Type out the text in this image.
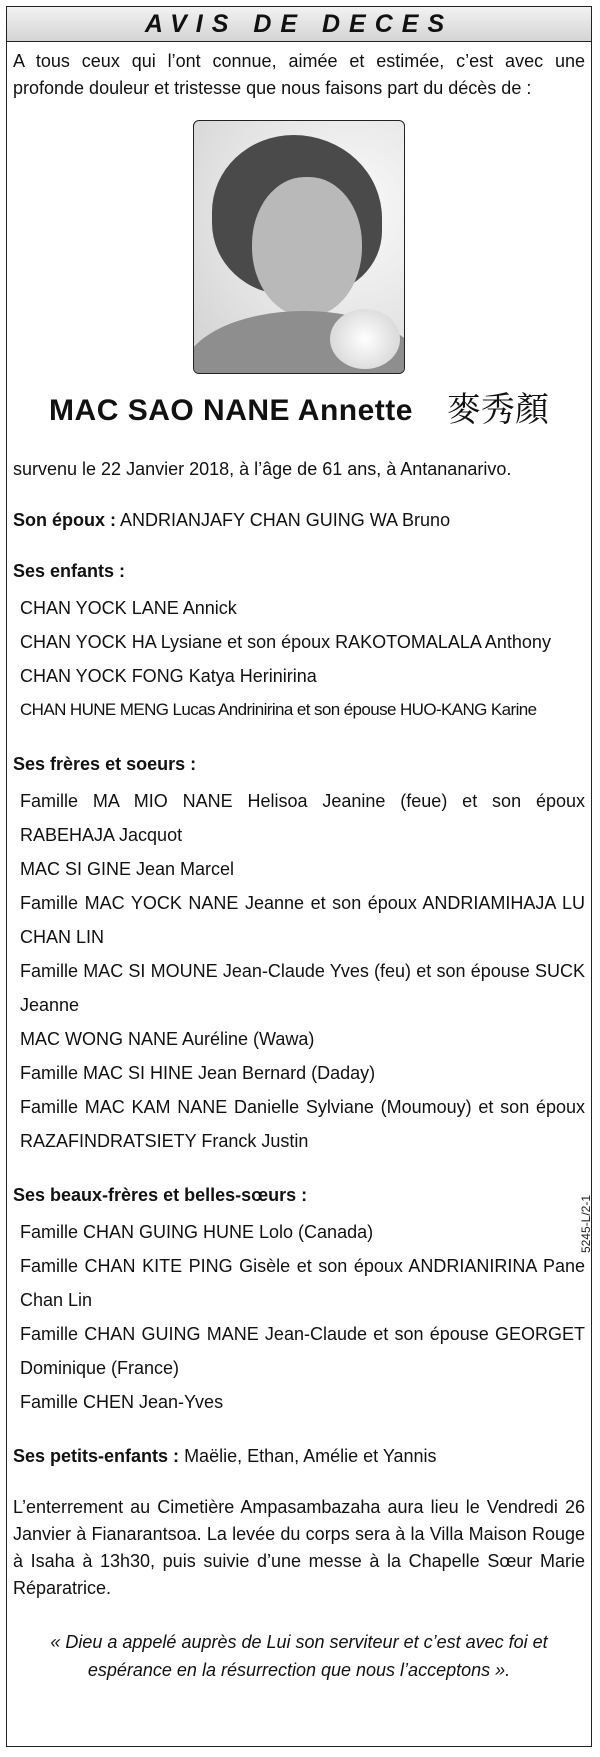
AVIS DE DECES

A tous ceux qui l’ont connue, aimée et estimée, c’est avec une profonde douleur et tristesse que nous faisons part du décès de :

MAC SAO NANE Annette 麥秀顏

survenu le 22 Janvier 2018, à l’âge de 61 ans, à Antananarivo.

Son époux : ANDRIANJAFY CHAN GUING WA Bruno

Ses enfants :

CHAN YOCK LANE Annick
CHAN YOCK HA Lysiane et son époux RAKOTOMALALA Anthony
CHAN YOCK FONG Katya Herinirina
CHAN HUNE MENG Lucas Andrinirina et son épouse HUO-KANG Karine

Ses frères et soeurs :

Famille MA MIO NANE Helisoa Jeanine (feue) et son époux RABEHAJA Jacquot
MAC SI GINE Jean Marcel
Famille MAC YOCK NANE Jeanne et son époux ANDRIAMIHAJA LU CHAN LIN
Famille MAC SI MOUNE Jean-Claude Yves (feu) et son épouse SUCK Jeanne
MAC WONG NANE Auréline (Wawa)
Famille MAC SI HINE Jean Bernard (Daday)
Famille MAC KAM NANE Danielle Sylviane (Moumouy) et son époux RAZAFINDRATSIETY Franck Justin

Ses beaux-frères et belles-sœurs :

Famille CHAN GUING HUNE Lolo (Canada)
Famille CHAN KITE PING Gisèle et son époux ANDRIANIRINA Pane Chan Lin
Famille CHAN GUING MANE Jean-Claude et son épouse GEORGET Dominique (France)
Famille CHEN Jean-Yves

Ses petits-enfants : Maëlie, Ethan, Amélie et Yannis

L’enterrement au Cimetière Ampasambazaha aura lieu le Vendredi 26 Janvier à Fianarantsoa. La levée du corps sera à la Villa Maison Rouge à Isaha à 13h30, puis suivie d’une messe à la Chapelle Sœur Marie Réparatrice.

« Dieu a appelé auprès de Lui son serviteur et c’est avec foi et espérance en la résurrection que nous l’acceptons ».

5245-L/2-1
